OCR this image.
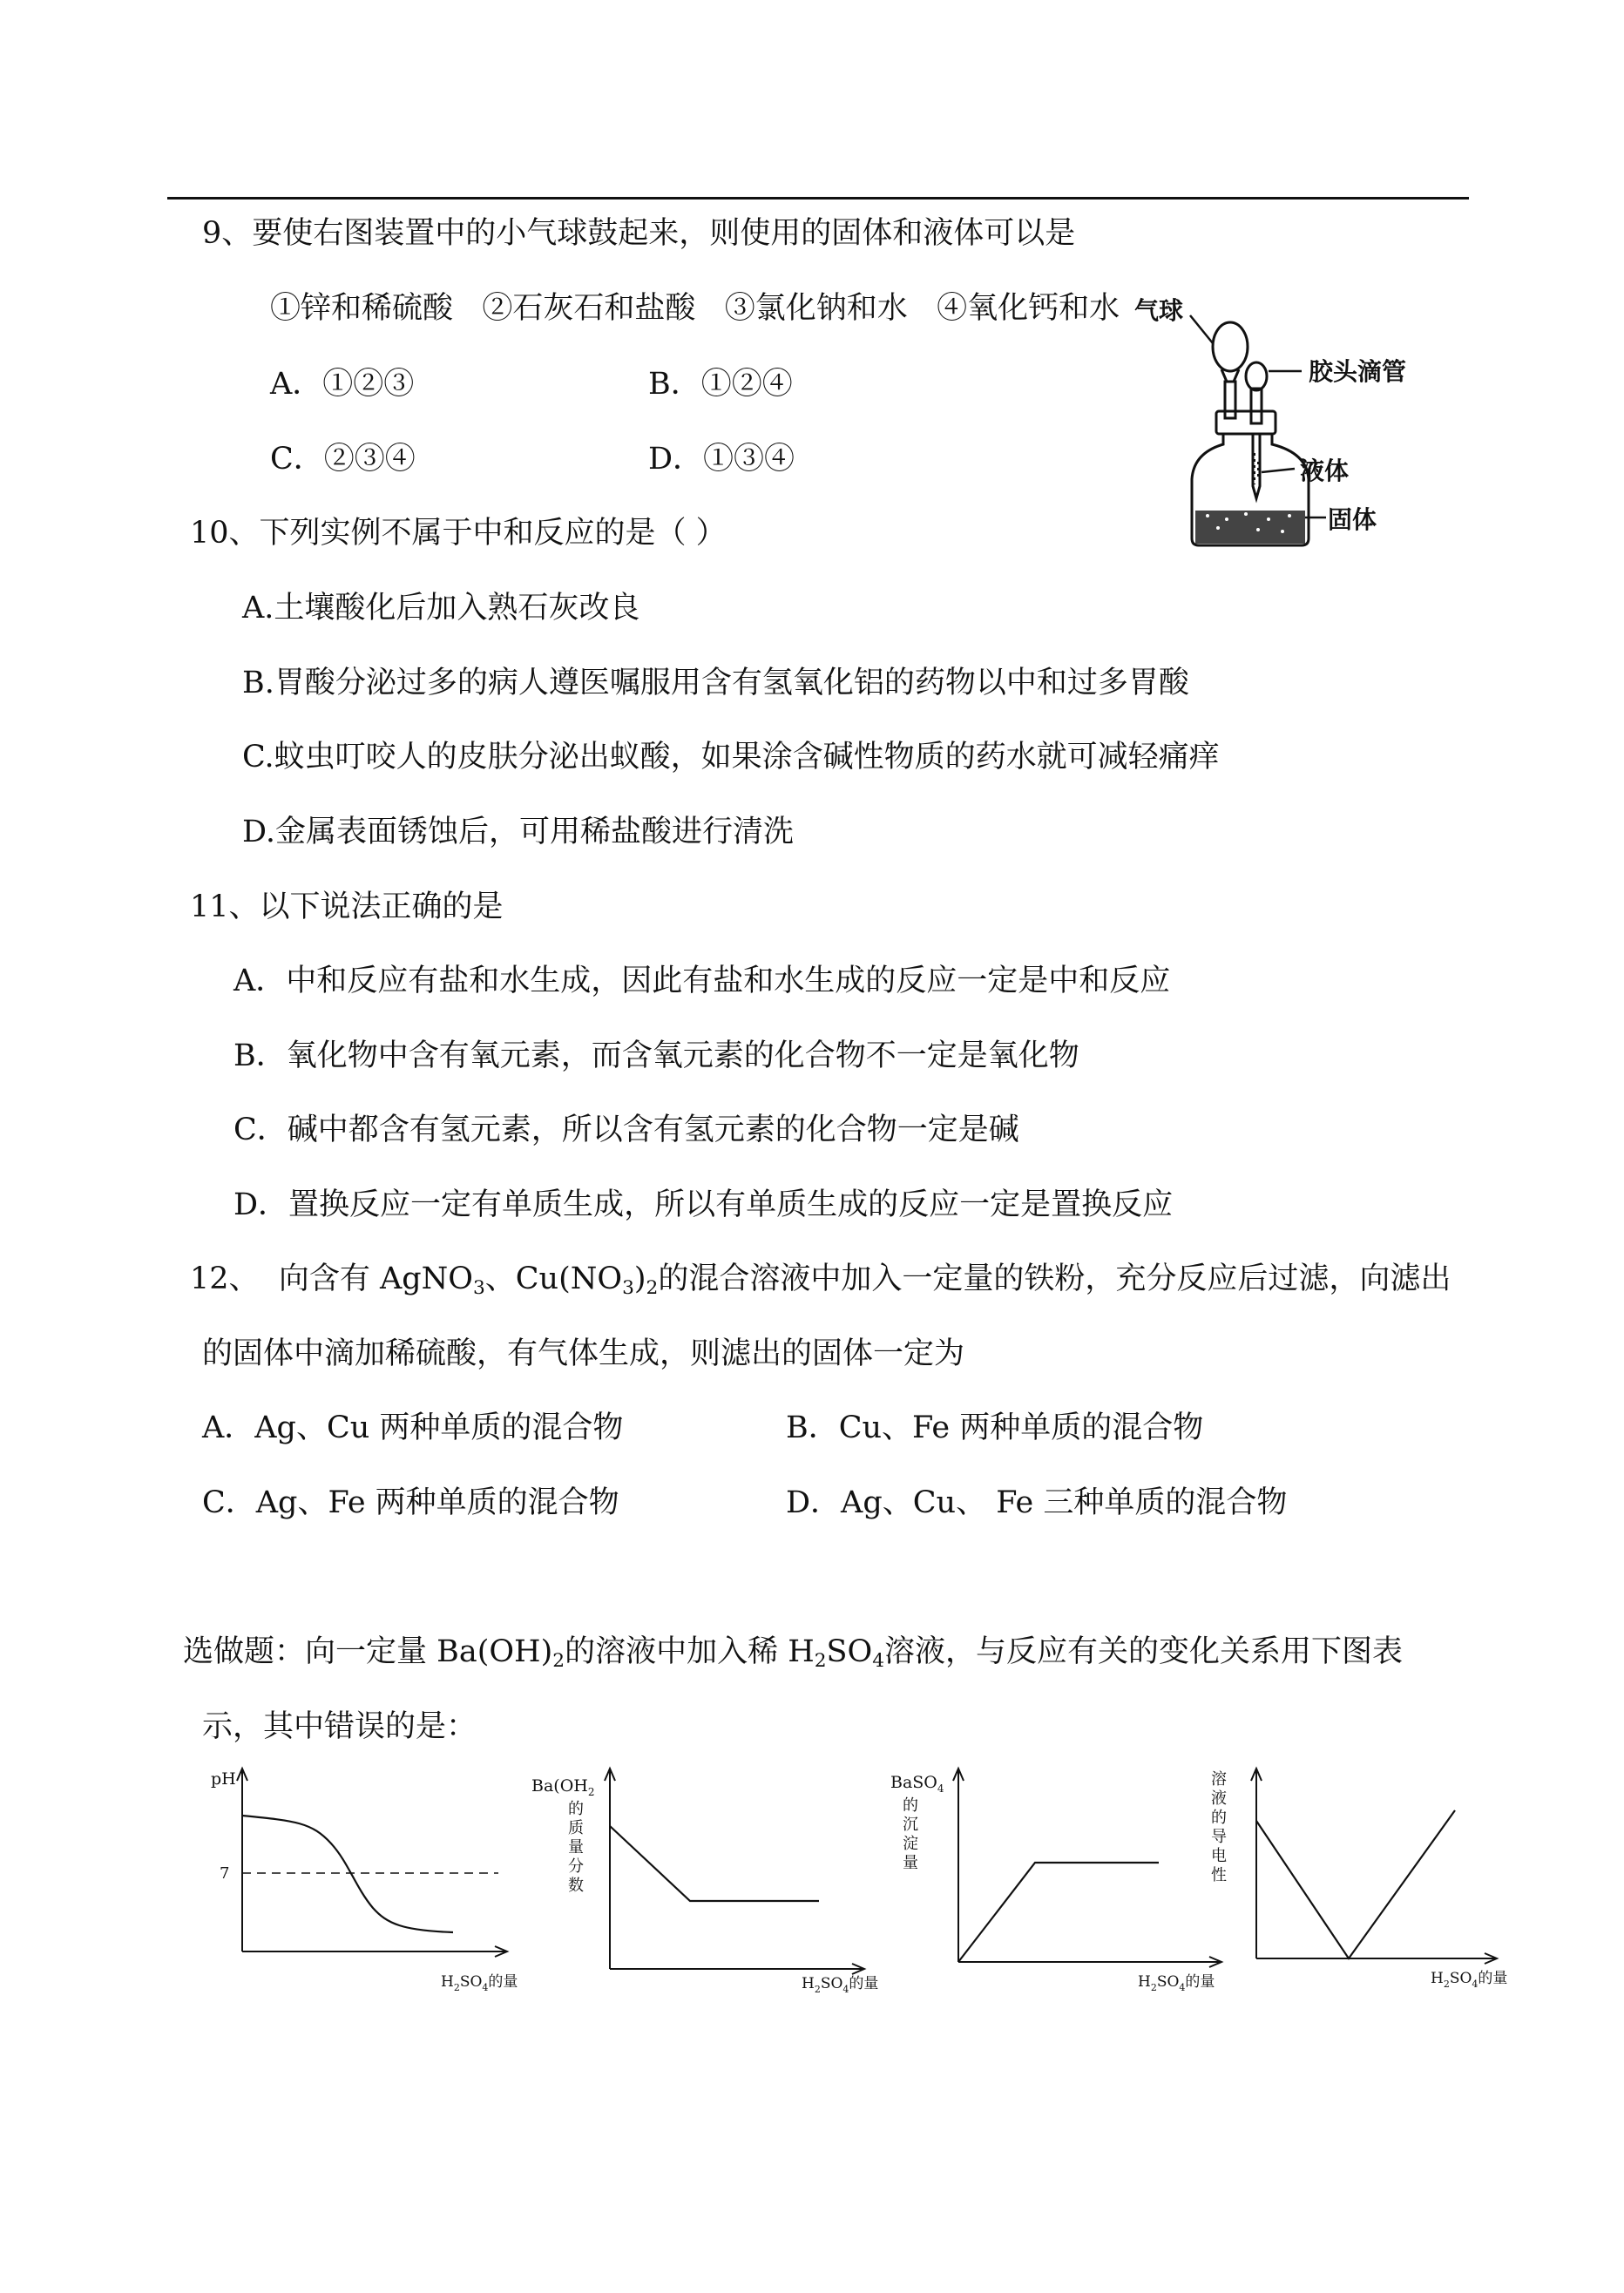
9、要使右图装置中的小气球鼓起来，则使用的固体和液体可以是
①锌和稀硫酸   ②石灰石和盐酸   ③氯化钠和水   ④氧化钙和水
A．①②③	B．①②④
C．②③④	D．①③④
气球
胶头滴管
液体
固体
10、下列实例不属于中和反应的是（ ）
A.土壤酸化后加入熟石灰改良
B.胃酸分泌过多的病人遵医嘱服用含有氢氧化铝的药物以中和过多胃酸
C.蚊虫叮咬人的皮肤分泌出蚁酸，如果涂含碱性物质的药水就可减轻痛痒
D.金属表面锈蚀后，可用稀盐酸进行清洗
11、以下说法正确的是
A．中和反应有盐和水生成，因此有盐和水生成的反应一定是中和反应
B．氧化物中含有氧元素，而含氧元素的化合物不一定是氧化物
C．碱中都含有氢元素，所以含有氢元素的化合物一定是碱
D．置换反应一定有单质生成，所以有单质生成的反应一定是置换反应
12、 向含有 AgNO$_3$、$Cu(NO_3)_2$的混合溶液中加入一定量的铁粉，充分反应后过滤，向滤出
的固体中滴加稀硫酸，有气体生成，则滤出的固体一定为
A．Ag、Cu 两种单质的混合物	B．Cu、Fe 两种单质的混合物
C．Ag、Fe 两种单质的混合物	D．Ag、Cu、 Fe 三种单质的混合物
选做题：向一定量 $Ba(OH)_2$的溶液中加入稀 $H_2SO_4$溶液，与反应有关的变化关系用下图表
示，其中错误的是：
pH
7
$H_2SO_4$的量
$Ba(OH_2$
的
质
量
分
数
$H_2SO_4$的量
BaSO$_4$
的
沉
淀
量
$H_2SO_4$的量
溶
液
的
导
电
性
$H_2SO_4$的量
